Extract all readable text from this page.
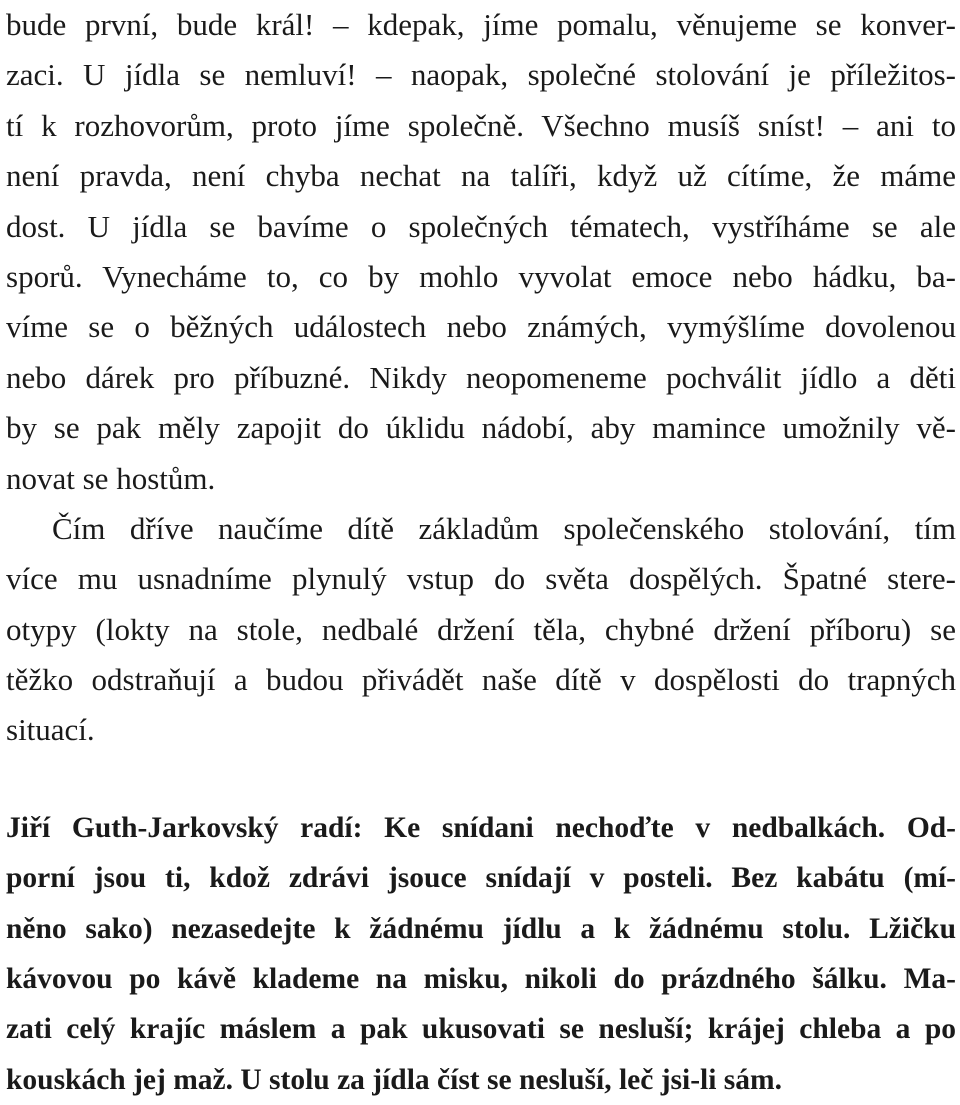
bude první, bude král! – kdepak, jíme pomalu, věnujeme se konver-
zaci. U jídla se nemluví! – naopak, společné stolování je příležitos-
tí k rozhovorům, proto jíme společně. Všechno musíš sníst! – ani to
není pravda, není chyba nechat na talíři, když už cítíme, že máme
dost. U jídla se bavíme o společných tématech, vystříháme se ale
sporů. Vynecháme to, co by mohlo vyvolat emoce nebo hádku, ba-
víme se o běžných událostech nebo známých, vymýšlíme dovolenou
nebo dárek pro příbuzné. Nikdy neopomeneme pochválit jídlo a děti
by se pak měly zapojit do úklidu nádobí, aby mamince umožnily vě-
novat se hostům.
Čím dříve naučíme dítě základům společenského stolování, tím
více mu usnadníme plynulý vstup do světa dospělých. Špatné stere-
otypy (lokty na stole, nedbalé držení těla, chybné držení příboru) se
těžko odstraňují a budou přivádět naše dítě v dospělosti do trapných
situací.
Jiří Guth-Jarkovský radí: Ke snídani nechoďte v nedbalkách. Od-
porní jsou ti, kdož zdrávi jsouce snídají v posteli. Bez kabátu (mí-
něno sako) nezasedejte k žádnému jídlu a k žádnému stolu. Lžičku
kávovou po kávě klademe na misku, nikoli do prázdného šálku. Ma-
zati celý krajíc máslem a pak ukusovati se nesluší; krájej chleba a po
kouskách jej maž. U stolu za jídla číst se nesluší, leč jsi-li sám.
